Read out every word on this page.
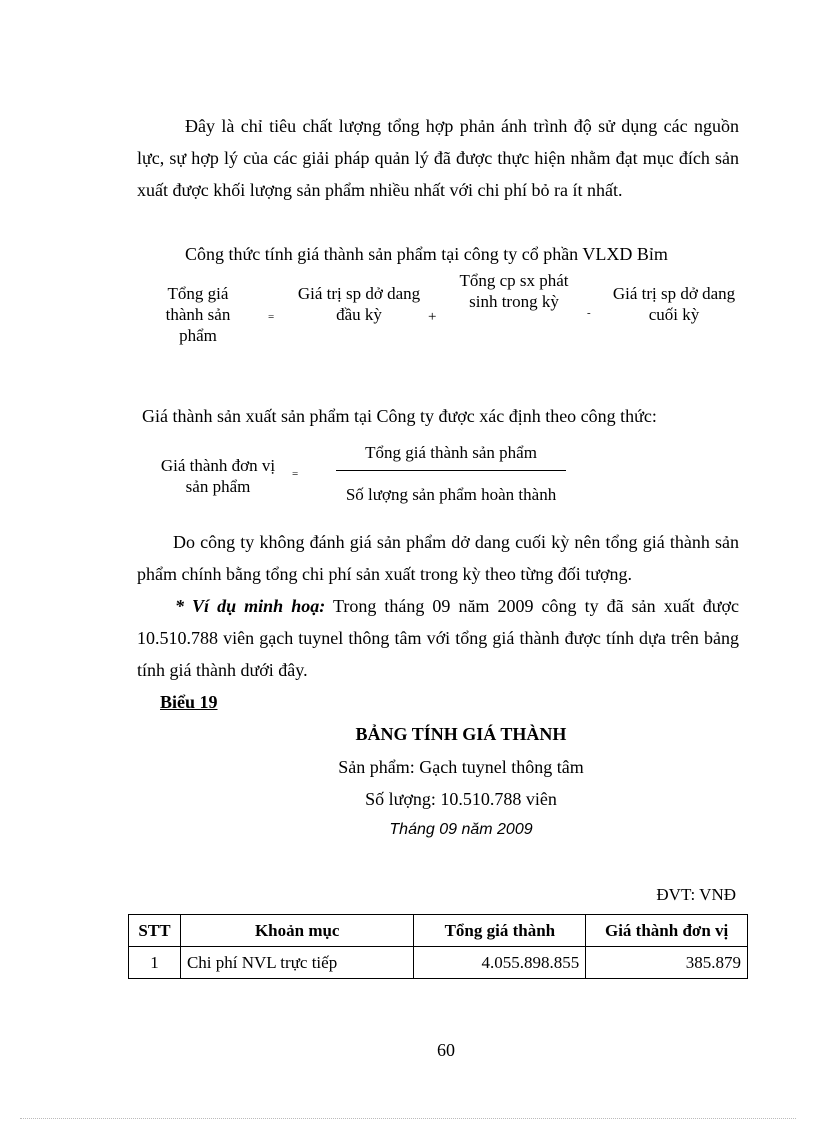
Đây là chỉ tiêu chất lượng tổng hợp phản ánh trình độ sử dụng các nguồn lực, sự hợp lý của các giải pháp quản lý đã được thực hiện nhằm đạt mục đích sản xuất được khối lượng sản phẩm nhiều nhất với chi phí bỏ ra ít nhất.
Công thức tính giá thành sản phẩm tại công ty cổ phần VLXD Bỉm
Tổng giá thành sản phẩm
=
Giá trị sp dở dang đầu kỳ	+
Tổng cp sx phát sinh trong kỳ
-
Giá trị sp dở dang cuối kỳ
Giá thành sản xuất sản phẩm tại Công ty được xác định theo công thức:
Giá thành đơn vị sản phẩm
=
Tổng giá thành sản phẩm
Số lượng sản phẩm hoàn thành
Do công ty không đánh giá sản phẩm dở dang cuối kỳ nên tổng giá thành sản phẩm chính bằng tổng chi phí sản xuất trong kỳ theo từng đối tượng.
* Ví dụ minh hoạ: Trong tháng 09 năm 2009 công ty đã sản xuất được 10.510.788 viên gạch tuynel thông tâm với tổng giá thành được tính dựa trên bảng tính giá thành dưới đây.
Biểu 19
BẢNG TÍNH GIÁ THÀNH
Sản phẩm: Gạch tuynel thông tâm
Số lượng: 10.510.788 viên
Tháng 09 năm 2009
ĐVT: VNĐ
STT	Khoản mục	Tổng giá thành	Giá thành đơn vị
1	Chi phí NVL trực tiếp	4.055.898.855	385.879
60
